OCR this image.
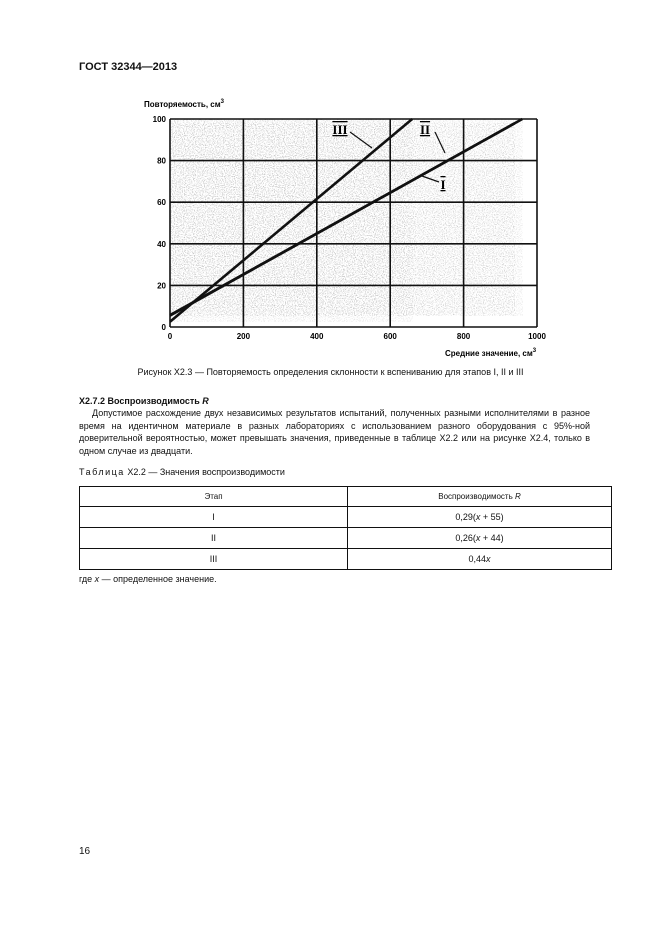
ГОСТ 32344—2013
0	200	400	600	800	1000
0
20
40
60
80
100
I
II
III
Повторяемость, $см^3$
Средние значение, $см^3$
Рисунок X2.3 — Повторяемость определения склонности к вспениванию для этапов I, II и III
X2.7.2 Воспроизводимость R
Допустимое расхождение двух независимых результатов испытаний, полученных разными исполнителями в разное время на идентичном материале в разных лабораториях с использованием разного оборудования с 95%-ной доверительной вероятностью, может превышать значения, приведенные в таблице X2.2 или на рисунке X2.4, только в одном случае из двадцати.
Таблица X2.2 — Значения воспроизводимости
Этап	Воспроизводимость R
I	0,29(x + 55)
II	0,26(x + 44)
III	0,44x
где x — определенное значение.
16
